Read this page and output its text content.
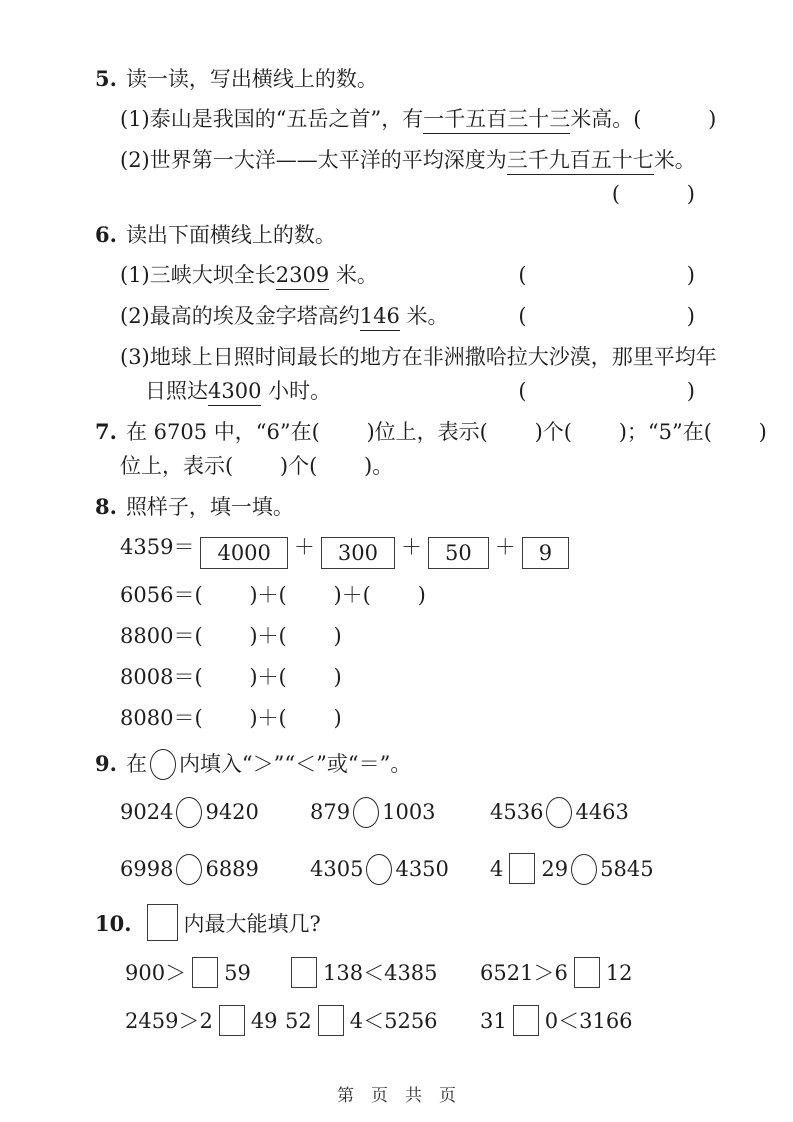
5. 读一读，写出横线上的数。
(1)泰山是我国的“五岳之首”，有一千五百三十三米高。 (          )
(2)世界第一大洋——太平洋的平均深度为三千九百五十七米。
(          )
6. 读出下面横线上的数。
(1)三峡大坝全长2309 米。	(                        )
(2)最高的埃及金字塔高约146 米。	(                        )
(3)地球上日照时间最长的地方在非洲撒哈拉大沙漠，那里平均年
日照达4300 小时。	(                        )
7. 在 6705 中，“6”在(       )位上，表示(       )个(       )；“5”在(       )
位上，表示(       )个(       )。
8. 照样子，填一填。
4359＝ 4000 ＋ 300 ＋ 50 ＋ 9
6056＝(       )＋(       )＋(       )
8800＝(       )＋(       )
8008＝(       )＋(       )
8080＝(       )＋(       )
9. 在 内填入“＞”“＜”或“＝”。
9024 9420	879 1003	4536 4463
6998 6889	4305 4350	4 29 5845
10. 内最大能填几?
900＞ 59	138＜4385	6521＞6 12
2459＞2 49 52 4＜5256	31 0＜3166
第　页　共　页
